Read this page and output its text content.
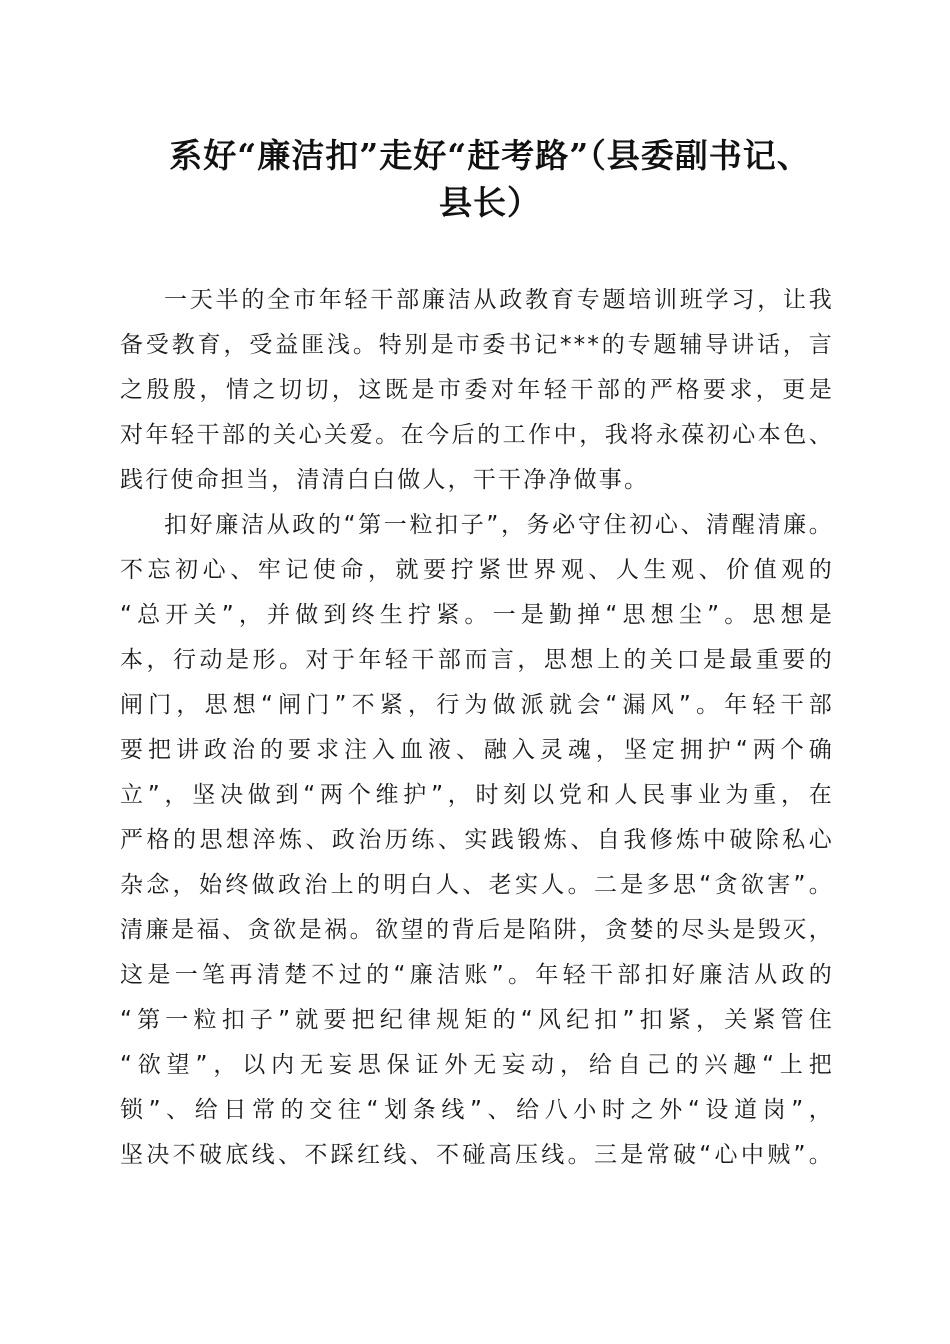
系好“廉洁扣”走好“赶考路”（县委副书记、
县长）
一天半的全市年轻干部廉洁从政教育专题培训班学习，让我
备受教育，受益匪浅。特别是市委书记***的专题辅导讲话，言
之殷殷，情之切切，这既是市委对年轻干部的严格要求，更是
对年轻干部的关心关爱。在今后的工作中，我将永葆初心本色、
践行使命担当，清清白白做人，干干净净做事。
扣好廉洁从政的“第一粒扣子”，务必守住初心、清醒清廉。
不忘初心、牢记使命，就要拧紧世界观、人生观、价值观的
“总开关”，并做到终生拧紧。一是勤掸“思想尘”。思想是
本，行动是形。对于年轻干部而言，思想上的关口是最重要的
闸门，思想“闸门”不紧，行为做派就会“漏风”。年轻干部
要把讲政治的要求注入血液、融入灵魂，坚定拥护“两个确
立”，坚决做到“两个维护”，时刻以党和人民事业为重，在
严格的思想淬炼、政治历练、实践锻炼、自我修炼中破除私心
杂念，始终做政治上的明白人、老实人。二是多思“贪欲害”。
清廉是福、贪欲是祸。欲望的背后是陷阱，贪婪的尽头是毁灭，
这是一笔再清楚不过的“廉洁账”。年轻干部扣好廉洁从政的
“第一粒扣子”就要把纪律规矩的“风纪扣”扣紧，关紧管住
“欲望”，以内无妄思保证外无妄动，给自己的兴趣“上把
锁”、给日常的交往“划条线”、给八小时之外“设道岗”，
坚决不破底线、不踩红线、不碰高压线。三是常破“心中贼”。
